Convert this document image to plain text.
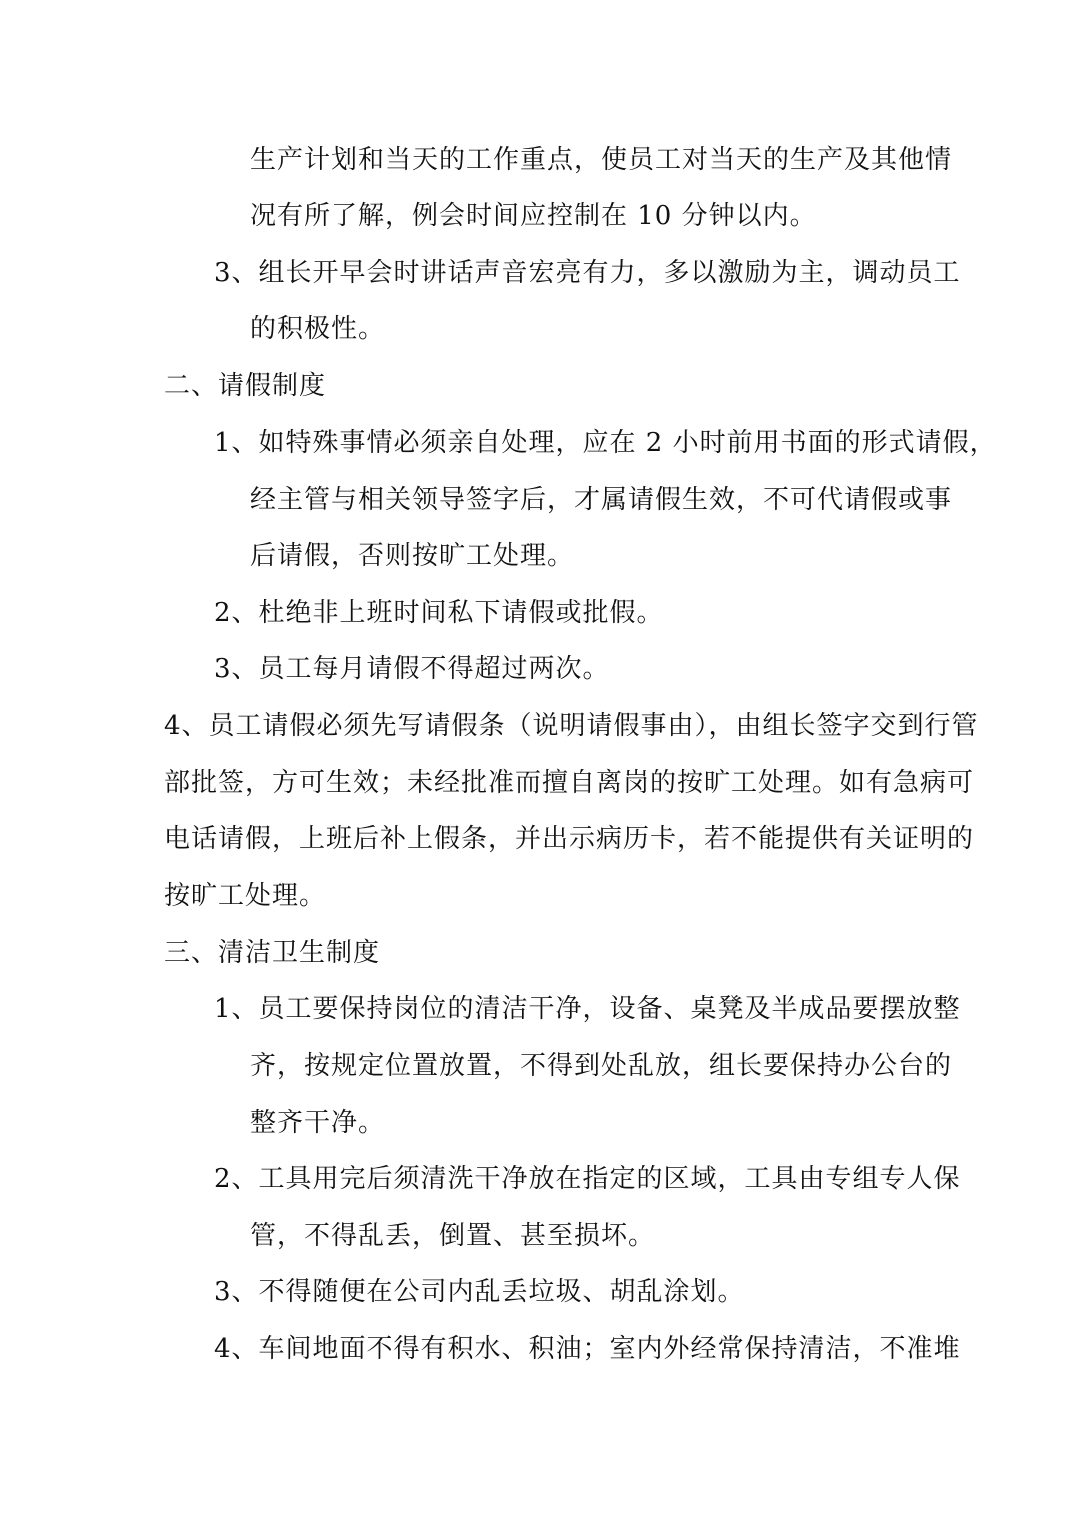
生产计划和当天的工作重点，使员工对当天的生产及其他情
况有所了解，例会时间应控制在 10 分钟以内。
3、组长开早会时讲话声音宏亮有力，多以激励为主，调动员工
的积极性。
二、请假制度
1、如特殊事情必须亲自处理，应在 2 小时前用书面的形式请假，
经主管与相关领导签字后，才属请假生效，不可代请假或事
后请假，否则按旷工处理。
2、杜绝非上班时间私下请假或批假。
3、员工每月请假不得超过两次。
4、员工请假必须先写请假条（说明请假事由），由组长签字交到行管
部批签，方可生效；未经批准而擅自离岗的按旷工处理。如有急病可
电话请假，上班后补上假条，并出示病历卡，若不能提供有关证明的
按旷工处理。
三、清洁卫生制度
1、员工要保持岗位的清洁干净，设备、桌凳及半成品要摆放整
齐，按规定位置放置，不得到处乱放，组长要保持办公台的
整齐干净。
2、工具用完后须清洗干净放在指定的区域，工具由专组专人保
管，不得乱丢，倒置、甚至损坏。
3、不得随便在公司内乱丢垃圾、胡乱涂划。
4、车间地面不得有积水、积油；室内外经常保持清洁，不准堆
